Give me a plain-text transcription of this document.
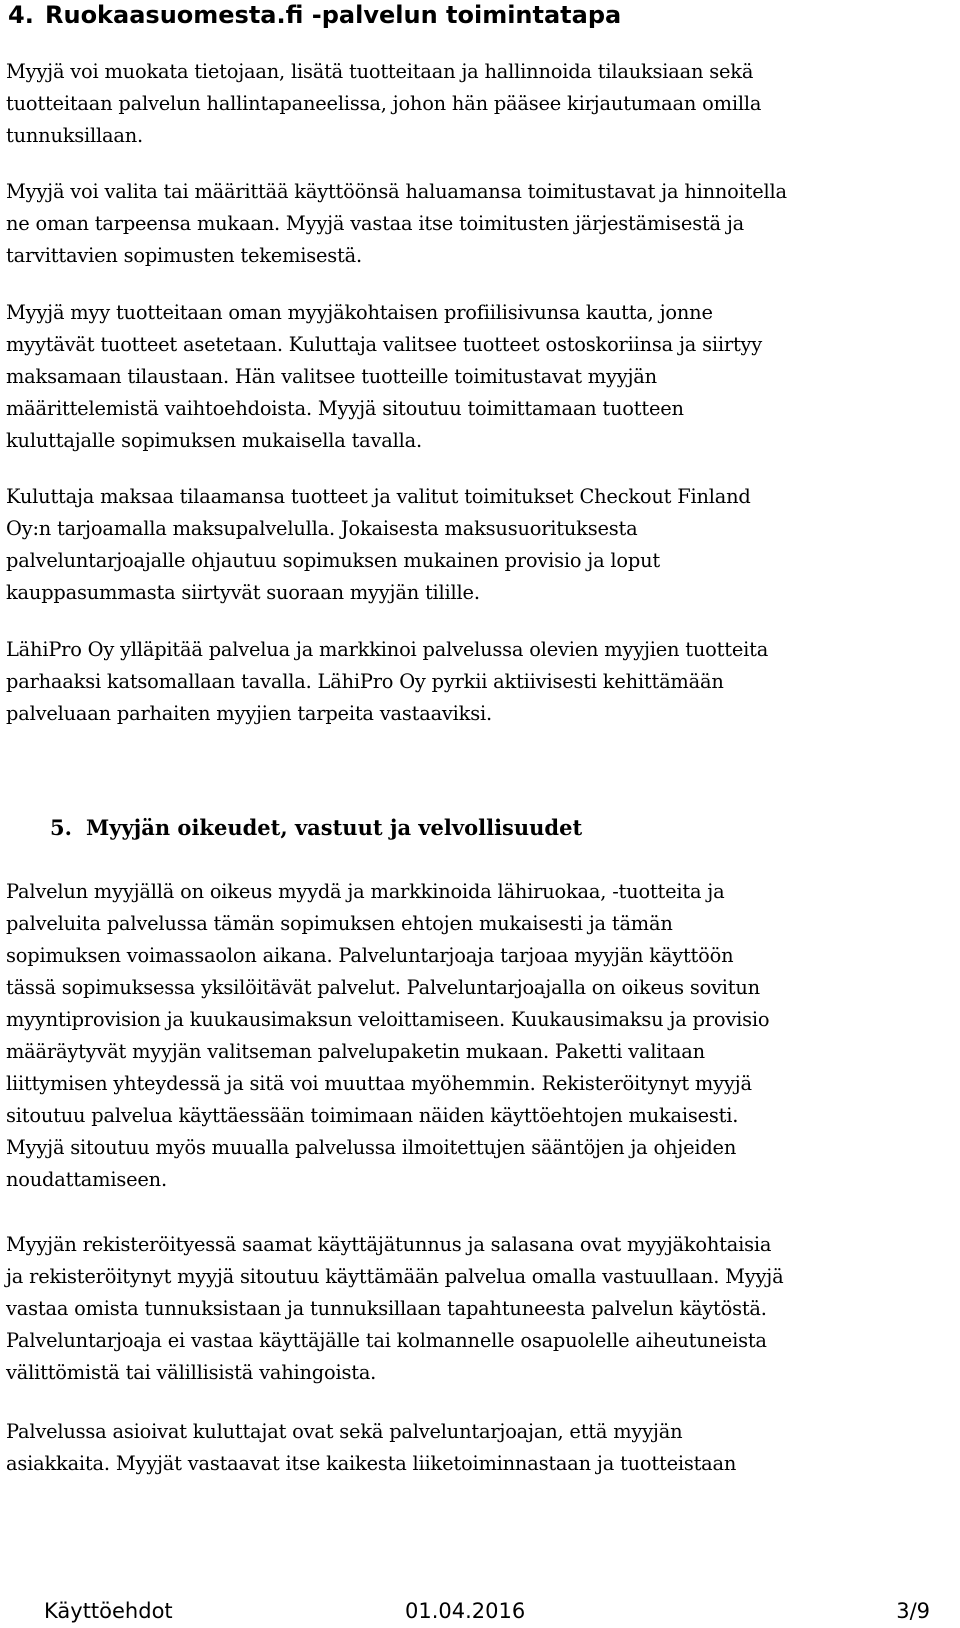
4. Ruokaasuomesta.fi -palvelun toimintatapa

Myyjä voi muokata tietojaan, lisätä tuotteitaan ja hallinnoida tilauksiaan sekä
tuotteitaan palvelun hallintapaneelissa, johon hän pääsee kirjautumaan omilla
tunnuksillaan.

Myyjä voi valita tai määrittää käyttöönsä haluamansa toimitustavat ja hinnoitella
ne oman tarpeensa mukaan. Myyjä vastaa itse toimitusten järjestämisestä ja
tarvittavien sopimusten tekemisestä.

Myyjä myy tuotteitaan oman myyjäkohtaisen profiilisivunsa kautta, jonne
myytävät tuotteet asetetaan. Kuluttaja valitsee tuotteet ostoskoriinsa ja siirtyy
maksamaan tilaustaan. Hän valitsee tuotteille toimitustavat myyjän
määrittelemistä vaihtoehdoista. Myyjä sitoutuu toimittamaan tuotteen
kuluttajalle sopimuksen mukaisella tavalla.

Kuluttaja maksaa tilaamansa tuotteet ja valitut toimitukset Checkout Finland
Oy:n tarjoamalla maksupalvelulla. Jokaisesta maksusuorituksesta
palveluntarjoajalle ohjautuu sopimuksen mukainen provisio ja loput
kauppasummasta siirtyvät suoraan myyjän tilille.

LähiPro Oy ylläpitää palvelua ja markkinoi palvelussa olevien myyjien tuotteita
parhaaksi katsomallaan tavalla. LähiPro Oy pyrkii aktiivisesti kehittämään
palveluaan parhaiten myyjien tarpeita vastaaviksi.

5. Myyjän oikeudet, vastuut ja velvollisuudet

Palvelun myyjällä on oikeus myydä ja markkinoida lähiruokaa, -tuotteita ja
palveluita palvelussa tämän sopimuksen ehtojen mukaisesti ja tämän
sopimuksen voimassaolon aikana. Palveluntarjoaja tarjoaa myyjän käyttöön
tässä sopimuksessa yksilöitävät palvelut. Palveluntarjoajalla on oikeus sovitun
myyntiprovision ja kuukausimaksun veloittamiseen. Kuukausimaksu ja provisio
määräytyvät myyjän valitseman palvelupaketin mukaan. Paketti valitaan
liittymisen yhteydessä ja sitä voi muuttaa myöhemmin. Rekisteröitynyt myyjä
sitoutuu palvelua käyttäessään toimimaan näiden käyttöehtojen mukaisesti.
Myyjä sitoutuu myös muualla palvelussa ilmoitettujen sääntöjen ja ohjeiden
noudattamiseen.

Myyjän rekisteröityessä saamat käyttäjätunnus ja salasana ovat myyjäkohtaisia
ja rekisteröitynyt myyjä sitoutuu käyttämään palvelua omalla vastuullaan. Myyjä
vastaa omista tunnuksistaan ja tunnuksillaan tapahtuneesta palvelun käytöstä.
Palveluntarjoaja ei vastaa käyttäjälle tai kolmannelle osapuolelle aiheutuneista
välittömistä tai välillisistä vahingoista.

Palvelussa asioivat kuluttajat ovat sekä palveluntarjoajan, että myyjän
asiakkaita. Myyjät vastaavat itse kaikesta liiketoiminnastaan ja tuotteistaan

Käyttöehdot	01.04.2016	3/9
